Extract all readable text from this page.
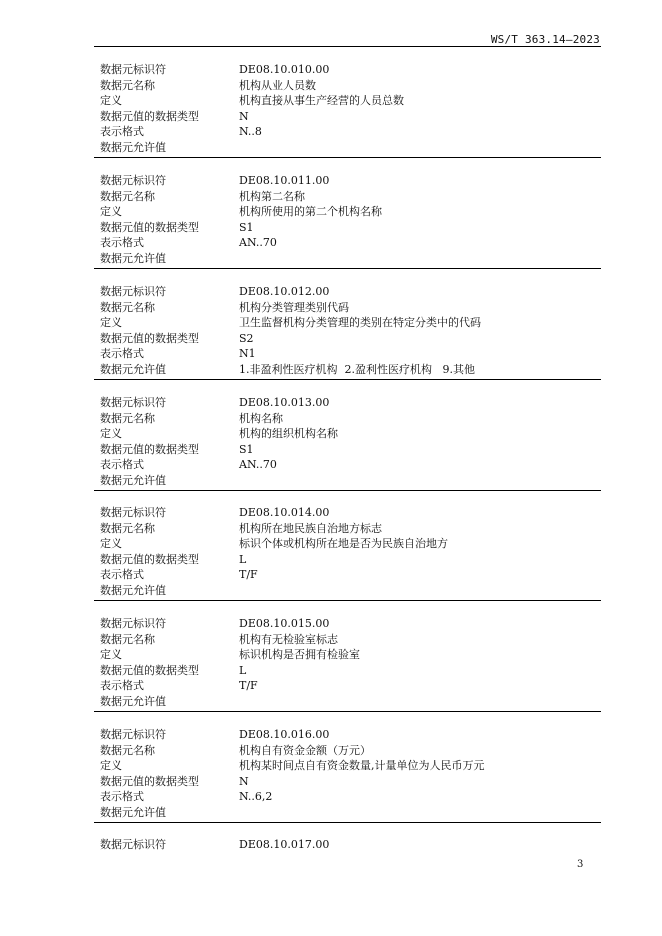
WS/T 363.14—2023
数据元标识符	DE08.10.010.00
数据元名称	机构从业人员数
定义	机构直接从事生产经营的人员总数
数据元值的数据类型	N
表示格式	N..8
数据元允许值
数据元标识符	DE08.10.011.00
数据元名称	机构第二名称
定义	机构所使用的第二个机构名称
数据元值的数据类型	S1
表示格式	AN..70
数据元允许值
数据元标识符	DE08.10.012.00
数据元名称	机构分类管理类别代码
定义	卫生监督机构分类管理的类别在特定分类中的代码
数据元值的数据类型	S2
表示格式	N1
数据元允许值	1.非盈利性医疗机构  2.盈利性医疗机构   9.其他
数据元标识符	DE08.10.013.00
数据元名称	机构名称
定义	机构的组织机构名称
数据元值的数据类型	S1
表示格式	AN..70
数据元允许值
数据元标识符	DE08.10.014.00
数据元名称	机构所在地民族自治地方标志
定义	标识个体或机构所在地是否为民族自治地方
数据元值的数据类型	L
表示格式	T/F
数据元允许值
数据元标识符	DE08.10.015.00
数据元名称	机构有无检验室标志
定义	标识机构是否拥有检验室
数据元值的数据类型	L
表示格式	T/F
数据元允许值
数据元标识符	DE08.10.016.00
数据元名称	机构自有资金金额（万元）
定义	机构某时间点自有资金数量,计量单位为人民币万元
数据元值的数据类型	N
表示格式	N..6,2
数据元允许值
数据元标识符	DE08.10.017.00
3
